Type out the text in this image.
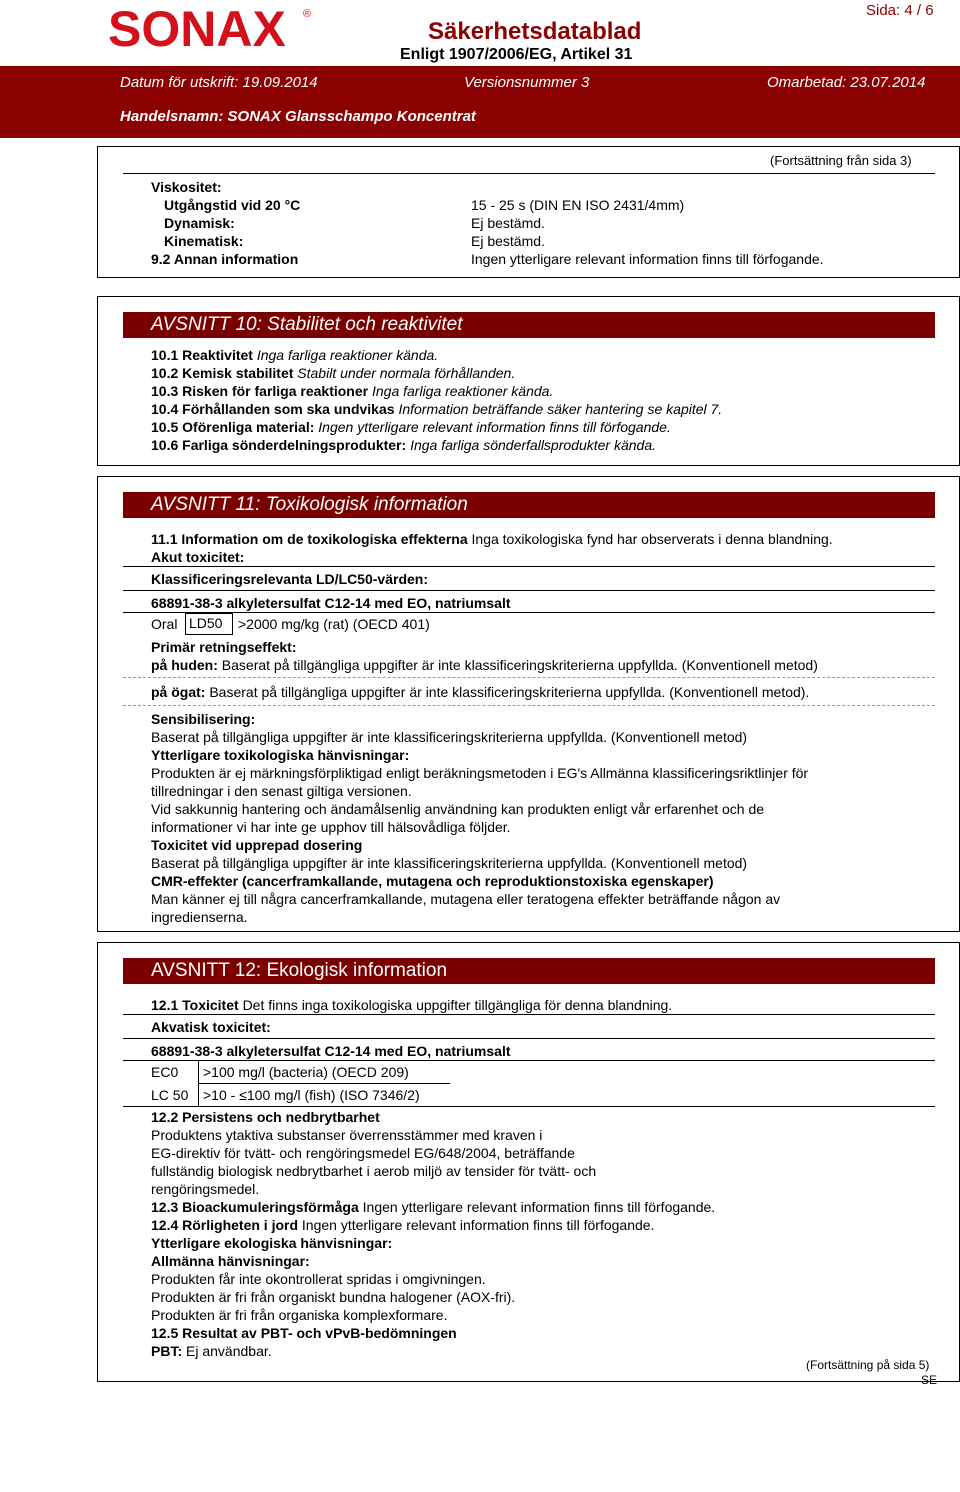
SONAX ®
Säkerhetsdatablad
Enligt 1907/2006/EG, Artikel 31
Sida: 4 / 6
Datum för utskrift: 19.09.2014	Versionsnummer 3	Omarbetad: 23.07.2014
Handelsnamn: SONAX Glansschampo Koncentrat
(Fortsättning från sida 3)
Viskositet:
Utgångstid vid 20 °C	15 - 25 s (DIN EN ISO 2431/4mm)
Dynamisk:	Ej bestämd.
Kinematisk:	Ej bestämd.
9.2 Annan information	Ingen ytterligare relevant information finns till förfogande.
AVSNITT 10: Stabilitet och reaktivitet
10.1 Reaktivitet Inga farliga reaktioner kända.
10.2 Kemisk stabilitet Stabilt under normala förhållanden.
10.3 Risken för farliga reaktioner Inga farliga reaktioner kända.
10.4 Förhållanden som ska undvikas Information beträffande säker hantering se kapitel 7.
10.5 Oförenliga material: Ingen ytterligare relevant information finns till förfogande.
10.6 Farliga sönderdelningsprodukter: Inga farliga sönderfallsprodukter kända.
AVSNITT 11: Toxikologisk information
11.1 Information om de toxikologiska effekterna Inga toxikologiska fynd har observerats i denna blandning.
Akut toxicitet:
Klassificeringsrelevanta LD/LC50-värden:
68891-38-3 alkyletersulfat C12-14 med EO, natriumsalt
Oral LD50	>2000 mg/kg (rat) (OECD 401)
Primär retningseffekt:
på huden: Baserat på tillgängliga uppgifter är inte klassificeringskriterierna uppfyllda. (Konventionell metod)
på ögat: Baserat på tillgängliga uppgifter är inte klassificeringskriterierna uppfyllda. (Konventionell metod).
Sensibilisering:
Baserat på tillgängliga uppgifter är inte klassificeringskriterierna uppfyllda. (Konventionell metod)
Ytterligare toxikologiska hänvisningar:
Produkten är ej märkningsförpliktigad enligt beräkningsmetoden i EG's Allmänna klassificeringsriktlinjer för
tillredningar i den senast giltiga versionen.
Vid sakkunnig hantering och ändamålsenlig användning kan produkten enligt vår erfarenhet och de
informationer vi har inte ge upphov till hälsovådliga följder.
Toxicitet vid upprepad dosering
Baserat på tillgängliga uppgifter är inte klassificeringskriterierna uppfyllda. (Konventionell metod)
CMR-effekter (cancerframkallande, mutagena och reproduktionstoxiska egenskaper)
Man känner ej till några cancerframkallande, mutagena eller teratogena effekter beträffande någon av
ingredienserna.
AVSNITT 12: Ekologisk information
12.1 Toxicitet Det finns inga toxikologiska uppgifter tillgängliga för denna blandning.
Akvatisk toxicitet:
68891-38-3 alkyletersulfat C12-14 med EO, natriumsalt
EC0 >100 mg/l (bacteria) (OECD 209)
LC 50 >10 - ≤100 mg/l (fish) (ISO 7346/2)
12.2 Persistens och nedbrytbarhet
Produktens ytaktiva substanser överrensstämmer med kraven i
EG-direktiv för tvätt- och rengöringsmedel EG/648/2004, beträffande
fullständig biologisk nedbrytbarhet i aerob miljö av tensider för tvätt- och
rengöringsmedel.
12.3 Bioackumuleringsförmåga Ingen ytterligare relevant information finns till förfogande.
12.4 Rörligheten i jord Ingen ytterligare relevant information finns till förfogande.
Ytterligare ekologiska hänvisningar:
Allmänna hänvisningar:
Produkten får inte okontrollerat spridas i omgivningen.
Produkten är fri från organiskt bundna halogener (AOX-fri).
Produkten är fri från organiska komplexformare.
12.5 Resultat av PBT- och vPvB-bedömningen
PBT: Ej användbar.
(Fortsättning på sida 5)
SE
